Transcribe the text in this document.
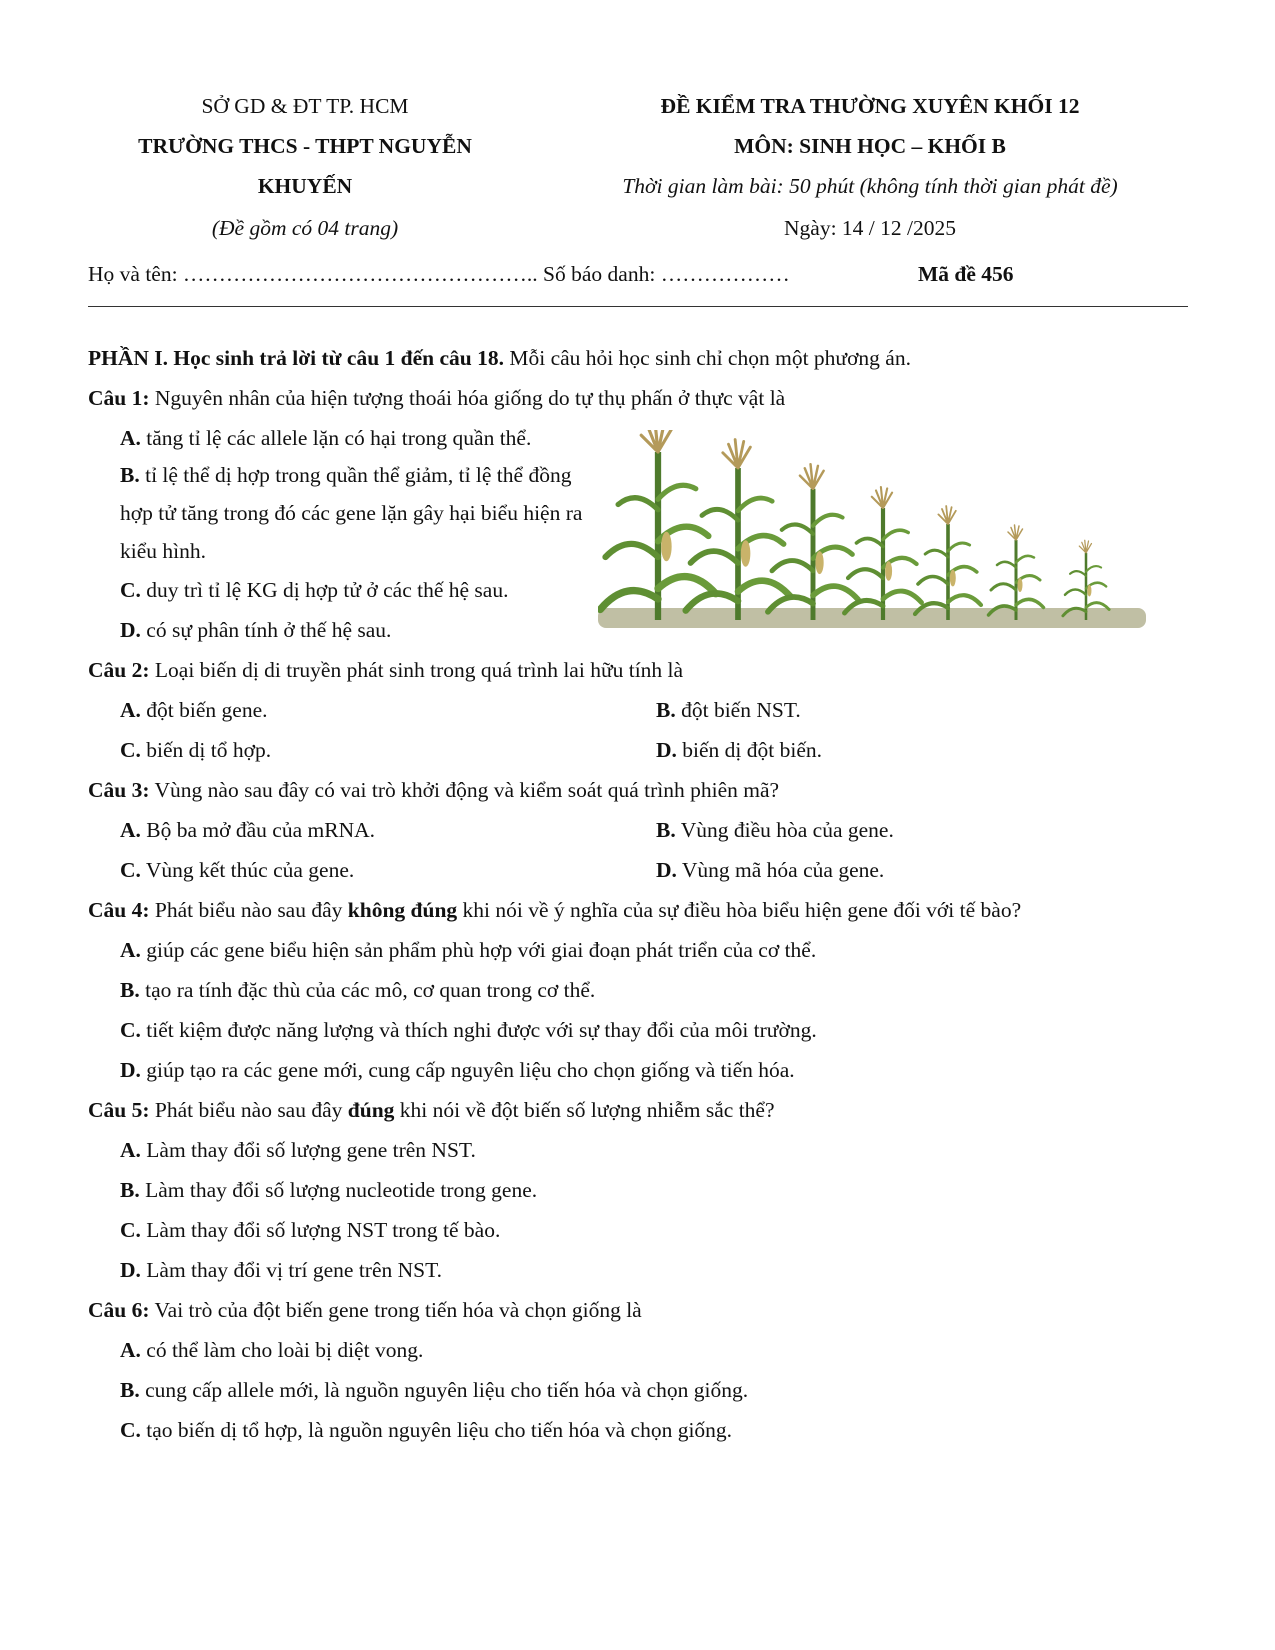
SỞ GD & ĐT TP. HCM
TRƯỜNG THCS - THPT NGUYỄN
KHUYẾN
(Đề gồm có 04 trang)
ĐỀ KIỂM TRA THƯỜNG XUYÊN KHỐI 12
MÔN: SINH HỌC – KHỐI B
Thời gian làm bài: 50 phút (không tính thời gian phát đề)
Ngày: 14 / 12 /2025
Họ và tên: ………………………………………….. Số báo danh: ………………	Mã đề 456
PHẦN I. Học sinh trả lời từ câu 1 đến câu 18. Mỗi câu hỏi học sinh chỉ chọn một phương án.
Câu 1: Nguyên nhân của hiện tượng thoái hóa giống do tự thụ phấn ở thực vật là
A. tăng tỉ lệ các allele lặn có hại trong quần thể.
B. tỉ lệ thể dị hợp trong quần thể giảm, tỉ lệ thể đồng hợp tử tăng trong đó các gene lặn gây hại biểu hiện ra kiểu hình.
C. duy trì tỉ lệ KG dị hợp tử ở các thế hệ sau.
D. có sự phân tính ở thế hệ sau.
Câu 2: Loại biến dị di truyền phát sinh trong quá trình lai hữu tính là
A. đột biến gene.	B. đột biến NST.
C. biến dị tổ hợp.	D. biến dị đột biến.
Câu 3: Vùng nào sau đây có vai trò khởi động và kiểm soát quá trình phiên mã?
A. Bộ ba mở đầu của mRNA.	B. Vùng điều hòa của gene.
C. Vùng kết thúc của gene.	D. Vùng mã hóa của gene.
Câu 4: Phát biểu nào sau đây không đúng khi nói về ý nghĩa của sự điều hòa biểu hiện gene đối với tế bào?
A. giúp các gene biểu hiện sản phẩm phù hợp với giai đoạn phát triển của cơ thể.
B. tạo ra tính đặc thù của các mô, cơ quan trong cơ thể.
C. tiết kiệm được năng lượng và thích nghi được với sự thay đổi của môi trường.
D. giúp tạo ra các gene mới, cung cấp nguyên liệu cho chọn giống và tiến hóa.
Câu 5: Phát biểu nào sau đây đúng khi nói về đột biến số lượng nhiễm sắc thể?
A. Làm thay đổi số lượng gene trên NST.
B. Làm thay đổi số lượng nucleotide trong gene.
C. Làm thay đổi số lượng NST trong tế bào.
D. Làm thay đổi vị trí gene trên NST.
Câu 6: Vai trò của đột biến gene trong tiến hóa và chọn giống là
A. có thể làm cho loài bị diệt vong.
B. cung cấp allele mới, là nguồn nguyên liệu cho tiến hóa và chọn giống.
C. tạo biến dị tổ hợp, là nguồn nguyên liệu cho tiến hóa và chọn giống.
